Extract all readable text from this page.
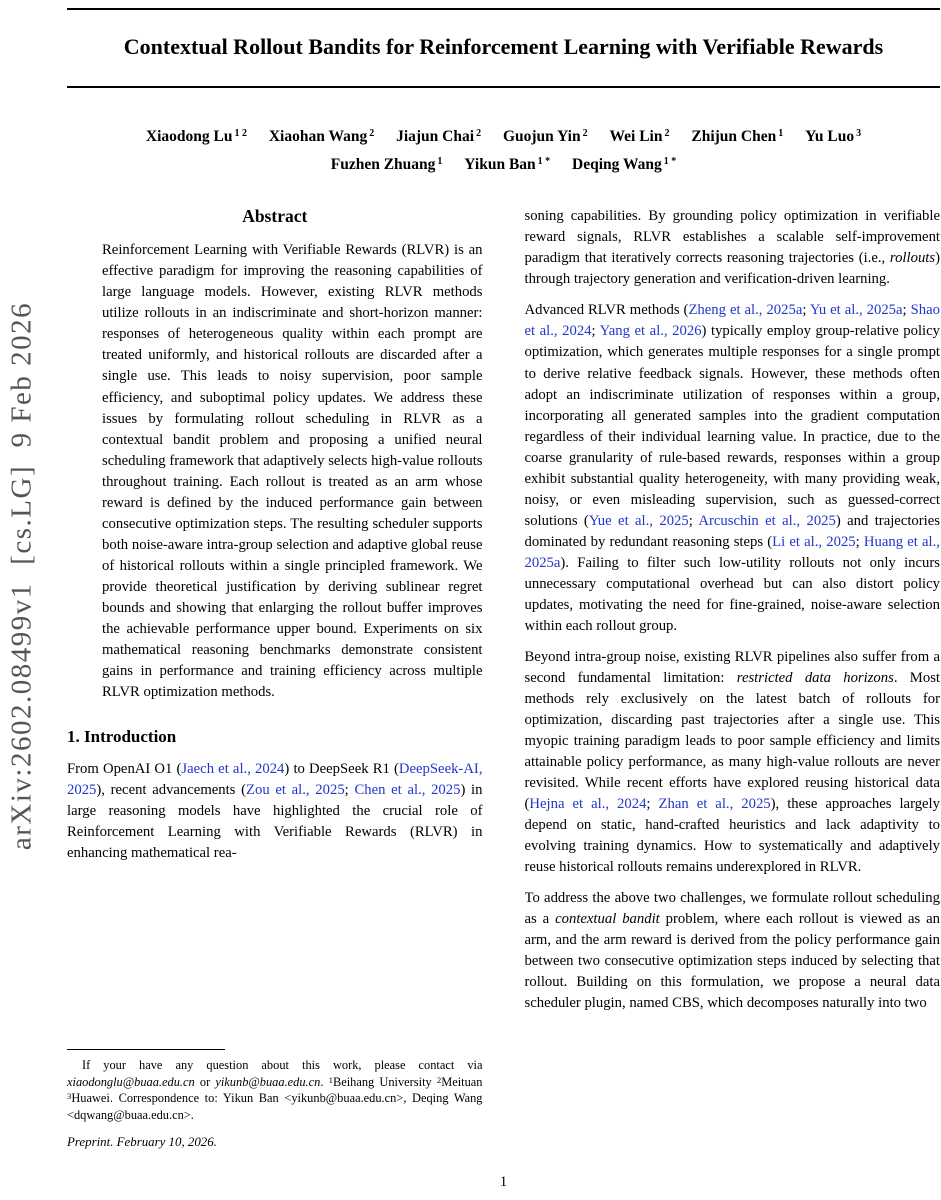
arXiv:2602.08499v1  [cs.LG]  9 Feb 2026
Contextual Rollout Bandits for Reinforcement Learning with Verifiable Rewards
Xiaodong Lu $^{1 2}$ Xiaohan Wang $^2$ Jiajun Chai $^2$ Guojun Yin $^2$ Wei Lin $^2$ Zhijun Chen $^1$ Yu Luo $^3$
Fuzhen Zhuang $^1$ Yikun Ban $^{1 *}$ Deqing Wang $^{1 *}$
Abstract

Reinforcement Learning with Verifiable Rewards (RLVR) is an effective paradigm for improving the reasoning capabilities of large language models. However, existing RLVR methods utilize rollouts in an indiscriminate and short-horizon manner: responses of heterogeneous quality within each prompt are treated uniformly, and historical rollouts are discarded after a single use. This leads to noisy supervision, poor sample efficiency, and suboptimal policy updates. We address these issues by formulating rollout scheduling in RLVR as a contextual bandit problem and proposing a unified neural scheduling framework that adaptively selects high-value rollouts throughout training. Each rollout is treated as an arm whose reward is defined by the induced performance gain between consecutive optimization steps. The resulting scheduler supports both noise-aware intra-group selection and adaptive global reuse of historical rollouts within a single principled framework. We provide theoretical justification by deriving sublinear regret bounds and showing that enlarging the rollout buffer improves the achievable performance upper bound. Experiments on six mathematical reasoning benchmarks demonstrate consistent gains in performance and training efficiency across multiple RLVR optimization methods.

1. Introduction

From OpenAI O1 (Jaech et al., 2024) to DeepSeek R1 (DeepSeek-AI, 2025), recent advancements (Zou et al., 2025; Chen et al., 2025) in large reasoning models have highlighted the crucial role of Reinforcement Learning with Verifiable Rewards (RLVR) in enhancing mathematical rea-

If your have any question about this work, please contact via xiaodonglu@buaa.edu.cn or yikunb@buaa.edu.cn. $^1$Beihang University $^2$Meituan $^3$Huawei. Correspondence to: Yikun Ban <yikunb@buaa.edu.cn>, Deqing Wang <dqwang@buaa.edu.cn>.

Preprint. February 10, 2026.

soning capabilities. By grounding policy optimization in verifiable reward signals, RLVR establishes a scalable self-improvement paradigm that iteratively corrects reasoning trajectories (i.e., rollouts) through trajectory generation and verification-driven learning.

Advanced RLVR methods (Zheng et al., 2025a; Yu et al., 2025a; Shao et al., 2024; Yang et al., 2026) typically employ group-relative policy optimization, which generates multiple responses for a single prompt to derive relative feedback signals. However, these methods often adopt an indiscriminate utilization of responses within a group, incorporating all generated samples into the gradient computation regardless of their individual learning value. In practice, due to the coarse granularity of rule-based rewards, responses within a group exhibit substantial quality heterogeneity, with many providing weak, noisy, or even misleading supervision, such as guessed-correct solutions (Yue et al., 2025; Arcuschin et al., 2025) and trajectories dominated by redundant reasoning steps (Li et al., 2025; Huang et al., 2025a). Failing to filter such low-utility rollouts not only incurs unnecessary computational overhead but can also distort policy updates, motivating the need for fine-grained, noise-aware selection within each rollout group.

Beyond intra-group noise, existing RLVR pipelines also suffer from a second fundamental limitation: restricted data horizons. Most methods rely exclusively on the latest batch of rollouts for optimization, discarding past trajectories after a single use. This myopic training paradigm leads to poor sample efficiency and limits attainable policy performance, as many high-value rollouts are never revisited. While recent efforts have explored reusing historical data (Hejna et al., 2024; Zhan et al., 2025), these approaches largely depend on static, hand-crafted heuristics and lack adaptivity to evolving training dynamics. How to systematically and adaptively reuse historical rollouts remains underexplored in RLVR.

To address the above two challenges, we formulate rollout scheduling as a contextual bandit problem, where each rollout is viewed as an arm, and the arm reward is derived from the policy performance gain between two consecutive optimization steps induced by selecting that rollout. Building on this formulation, we propose a neural data scheduler plugin, named CBS, which decomposes naturally into two

1
